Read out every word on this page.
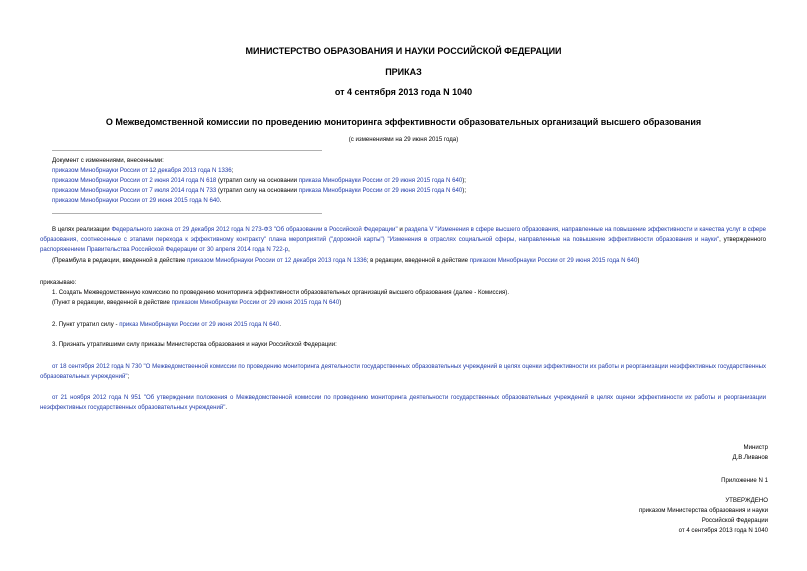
МИНИСТЕРСТВО ОБРАЗОВАНИЯ И НАУКИ РОССИЙСКОЙ ФЕДЕРАЦИИ
ПРИКАЗ
от 4 сентября 2013 года N 1040
О Межведомственной комиссии по проведению мониторинга эффективности образовательных организаций высшего образования
(с изменениями на 29 июня 2015 года)
Документ с изменениями, внесенными:
приказом Минобрнауки России от 12 декабря 2013 года N 1336;
приказом Минобрнауки России от 2 июня 2014 года N 618 (утратил силу на основании приказа Минобрнауки России от 29 июня 2015 года N 640);
приказом Минобрнауки России от 7 июля 2014 года N 733 (утратил силу на основании приказа Минобрнауки России от 29 июня 2015 года N 640);
приказом Минобрнауки России от 29 июня 2015 года N 640.
В целях реализации Федерального закона от 29 декабря 2012 года N 273-ФЗ "Об образовании в Российской Федерации" и раздела V "Изменения в сфере высшего образования, направленные на повышение эффективности и качества услуг в сфере образования, соотнесенные с этапами перехода к эффективному контракту" плана мероприятий ("дорожной карты") "Изменения в отраслях социальной сферы, направленные на повышение эффективности образования и науки", утвержденного распоряжением Правительства Российской Федерации от 30 апреля 2014 года N 722-р,
(Преамбула в редакции, введенной в действие приказом Минобрнауки России от 12 декабря 2013 года N 1336; в редакции, введенной в действие приказом Минобрнауки России от 29 июня 2015 года N 640)
приказываю:
1. Создать Межведомственную комиссию по проведению мониторинга эффективности образовательных организаций высшего образования (далее - Комиссия).
(Пункт в редакции, введенной в действие приказом Минобрнауки России от 29 июня 2015 года N 640)
2. Пункт утратил силу - приказ Минобрнауки России от 29 июня 2015 года N 640.
3. Признать утратившими силу приказы Министерства образования и науки Российской Федерации:
от 18 сентября 2012 года N 730 "О Межведомственной комиссии по проведению мониторинга деятельности государственных образовательных учреждений в целях оценки эффективности их работы и реорганизации неэффективных государственных образовательных учреждений";
от 21 ноября 2012 года N 951 "Об утверждении положения о Межведомственной комиссии по проведению мониторинга деятельности государственных образовательных учреждений в целях оценки эффективности их работы и реорганизации неэффективных государственных образовательных учреждений".
Министр
Д.В.Ливанов
Приложение N 1
УТВЕРЖДЕНО
приказом Министерства образования и науки
Российской Федерации
от 4 сентября 2013 года N 1040
